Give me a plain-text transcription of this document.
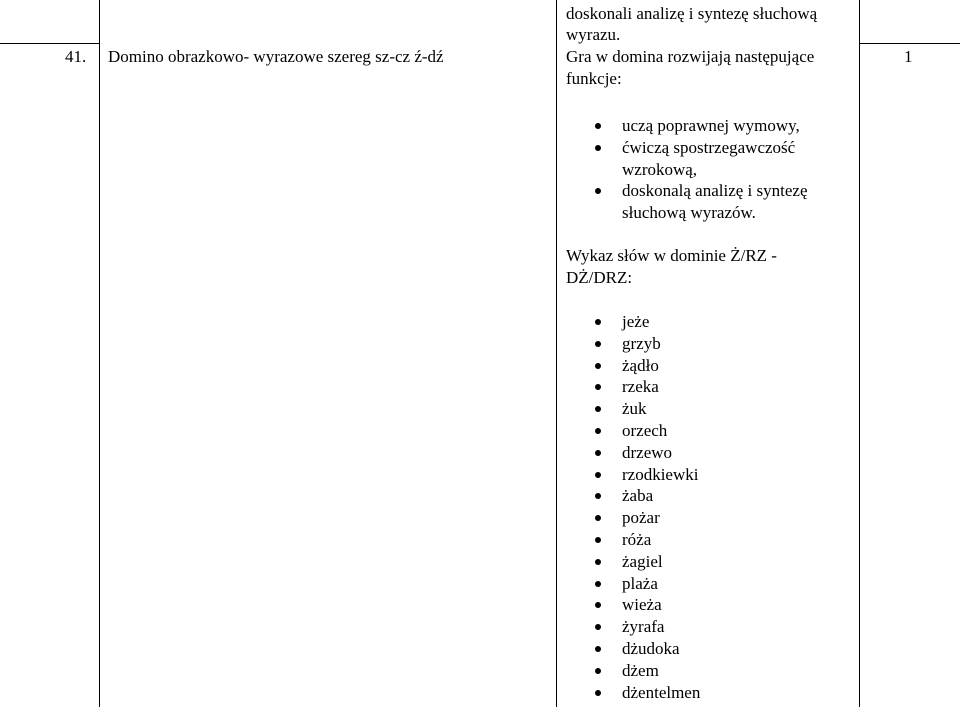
doskonali analizę i syntezę słuchową
wyrazu.
41. Domino obrazkowo- wyrazowe szereg sz-cz ź-dź	Gra w domina rozwijają następujące
funkcje:
1
uczą poprawnej wymowy,
ćwiczą spostrzegawczość
wzrokową,
doskonalą analizę i syntezę
słuchową wyrazów.
Wykaz słów w dominie Ż/RZ -
DŻ/DRZ:
jeże
grzyb
żądło
rzeka
żuk
orzech
drzewo
rzodkiewki
żaba
pożar
róża
żagiel
plaża
wieża
żyrafa
dżudoka
dżem
dżentelmen
